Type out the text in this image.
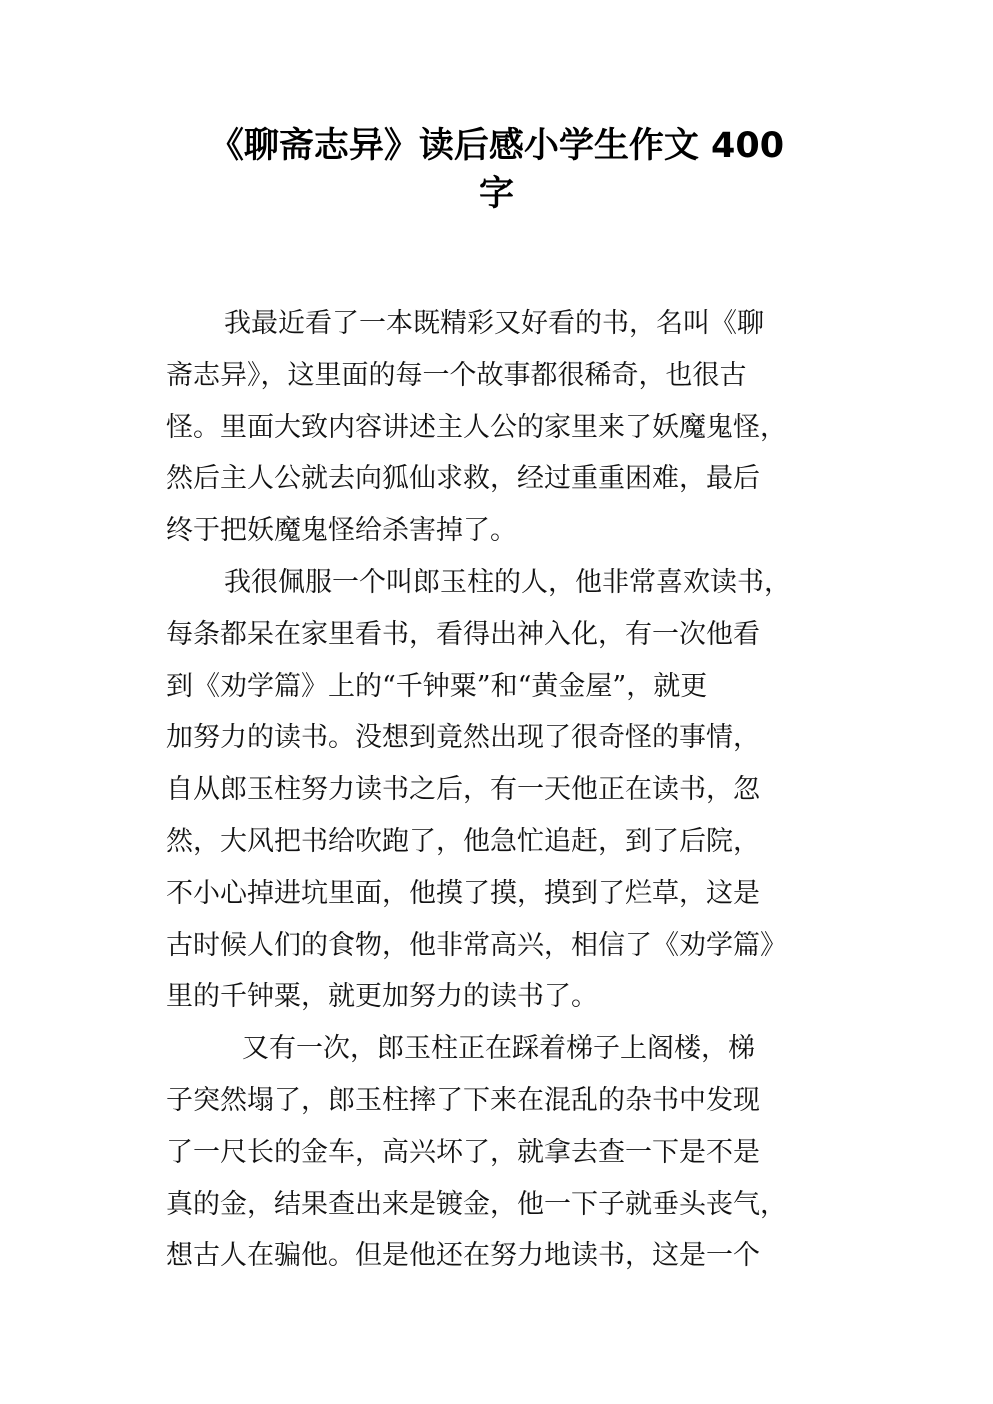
《聊斋志异》读后感小学生作文 400
字
我最近看了一本既精彩又好看的书，名叫《聊
斋志异》，这里面的每一个故事都很稀奇，也很古
怪。里面大致内容讲述主人公的家里来了妖魔鬼怪，
然后主人公就去向狐仙求救，经过重重困难，最后
终于把妖魔鬼怪给杀害掉了。
我很佩服一个叫郎玉柱的人，他非常喜欢读书，
每条都呆在家里看书，看得出神入化，有一次他看
到《劝学篇》上的“千钟粟”和“黄金屋”，就更
加努力的读书。没想到竟然出现了很奇怪的事情，
自从郎玉柱努力读书之后，有一天他正在读书，忽
然，大风把书给吹跑了，他急忙追赶，到了后院，
不小心掉进坑里面，他摸了摸，摸到了烂草，这是
古时候人们的食物，他非常高兴，相信了《劝学篇》
里的千钟粟，就更加努力的读书了。
又有一次，郎玉柱正在踩着梯子上阁楼，梯
子突然塌了，郎玉柱摔了下来在混乱的杂书中发现
了一尺长的金车，高兴坏了，就拿去查一下是不是
真的金，结果查出来是镀金，他一下子就垂头丧气，
想古人在骗他。但是他还在努力地读书，这是一个
